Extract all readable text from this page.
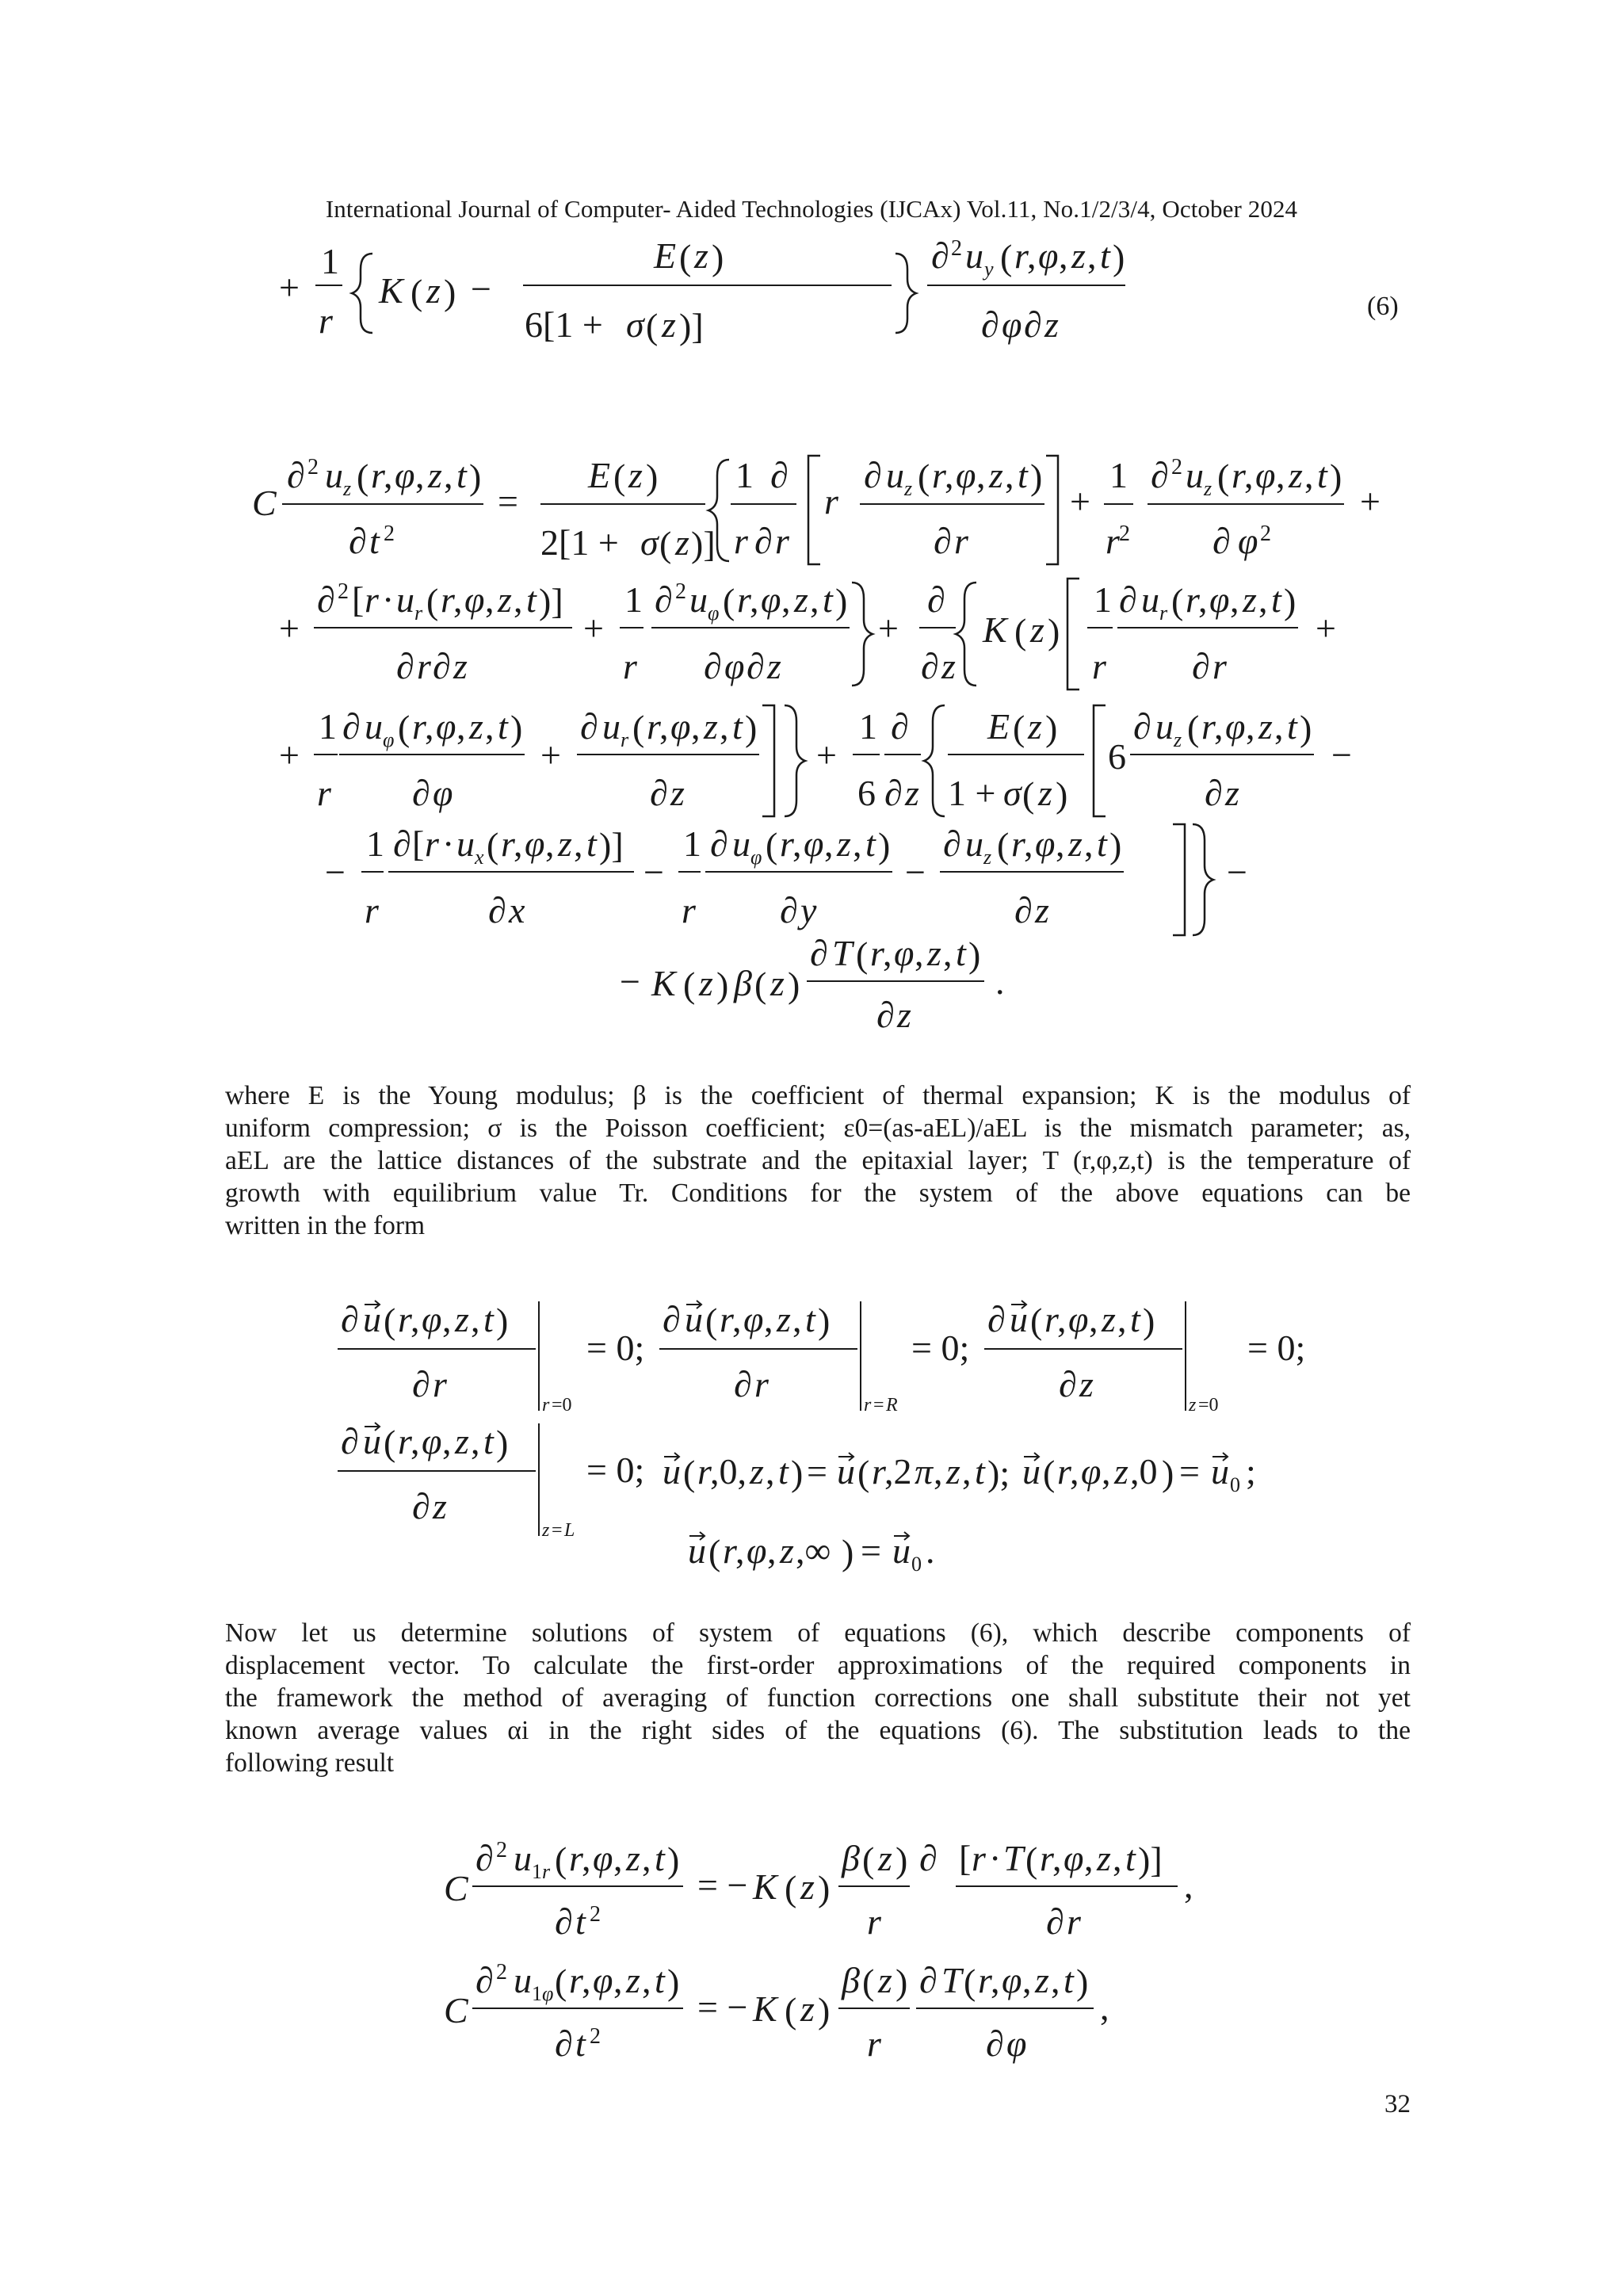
International Journal of Computer- Aided Technologies (IJCAx) Vol.11, No.1/2/3/4, October 2024
+
1
r
K ( z ) −
E ( z )
6[1 + σ ( z )]
∂ 2 u y ( r
, φ , z , t )
∂ φ ∂ z	(6)
C
∂ 2 u z ( r
, φ , z , t )
∂ t 2
=
E ( z )
2[1 + σ ( z )]
1 ∂
r ∂ r
r
∂ u z ( r
, φ , z , t )
∂ r
+
1
r 2
∂ 2 u z ( r
, φ , z , t )
∂ φ 2
+
+
∂ 2 [ r · u r ( r
, φ , z , t )]
∂ r ∂ z
+
1
r
∂ 2 u φ ( r
, φ , z , t )
∂ φ ∂ z
+
∂
∂ z
K ( z )
1
r
∂ u r ( r
, φ , z , t )
∂ r
+
+
1
r
∂ u φ ( r
, φ , z , t )
∂ φ
+
∂ u r ( r
, φ , z , t )
∂ z
+
1
6
∂
∂ z
E ( z )
1 + σ ( z )
6
∂ u z ( r
, φ , z , t )
∂ z
−
−
1
r
∂ [ r · u x ( r
, φ , z , t )]
∂ x
−
1
r
∂ u φ ( r
, φ , z , t )
∂ y
−
∂ u z ( r
, φ , z , t )
∂ z
−
− K ( z ) β ( z )
∂ T ( r
, φ , z , t )
∂ z
.
where E is the Young modulus; β is the coefficient of thermal expansion; K is the modulus of
uniform compression; σ is the Poisson coefficient; ε0=(as-aEL)/aEL is the mismatch parameter; as,
aEL are the lattice distances of the substrate and the epitaxial layer; T (r,φ,z,t) is the temperature of
growth with equilibrium value Tr. Conditions for the system of the above equations can be
written in the form
∂ u ( r
, φ , z , t )
∂ r
r =0
= 0;
∂ u ( r
, φ , z , t )
∂ r
r = R
= 0;
∂ u ( r
, φ , z , t )
∂ z
z =0
= 0;
∂ u ( r
, φ , z , t )
∂ z
z = L
= 0; u ( r
,0, z , t ) = u ( r
,2 π , z , t ); u ( r
, φ , z ,0 ) = u 0 ;
u ( r
, φ , z ,∞ ) = u 0 .
Now let us determine solutions of system of equations (6), which describe components of
displacement vector. To calculate the first-order approximations of the required components in
the framework the method of averaging of function corrections one shall substitute their not yet
known average values αi in the right sides of the equations (6). The substitution leads to the
following result
C
∂ 2 u 1 r ( r
, φ , z , t )
∂ t 2
= − K ( z )
β ( z )
r
∂ [ r · T ( r
, φ , z , t )]
∂ r
,
C
∂ 2 u 1 φ ( r
, φ , z , t )
∂ t 2
= − K ( z )
β ( z )
r
∂ T ( r
, φ , z , t )
∂ φ
,
32
